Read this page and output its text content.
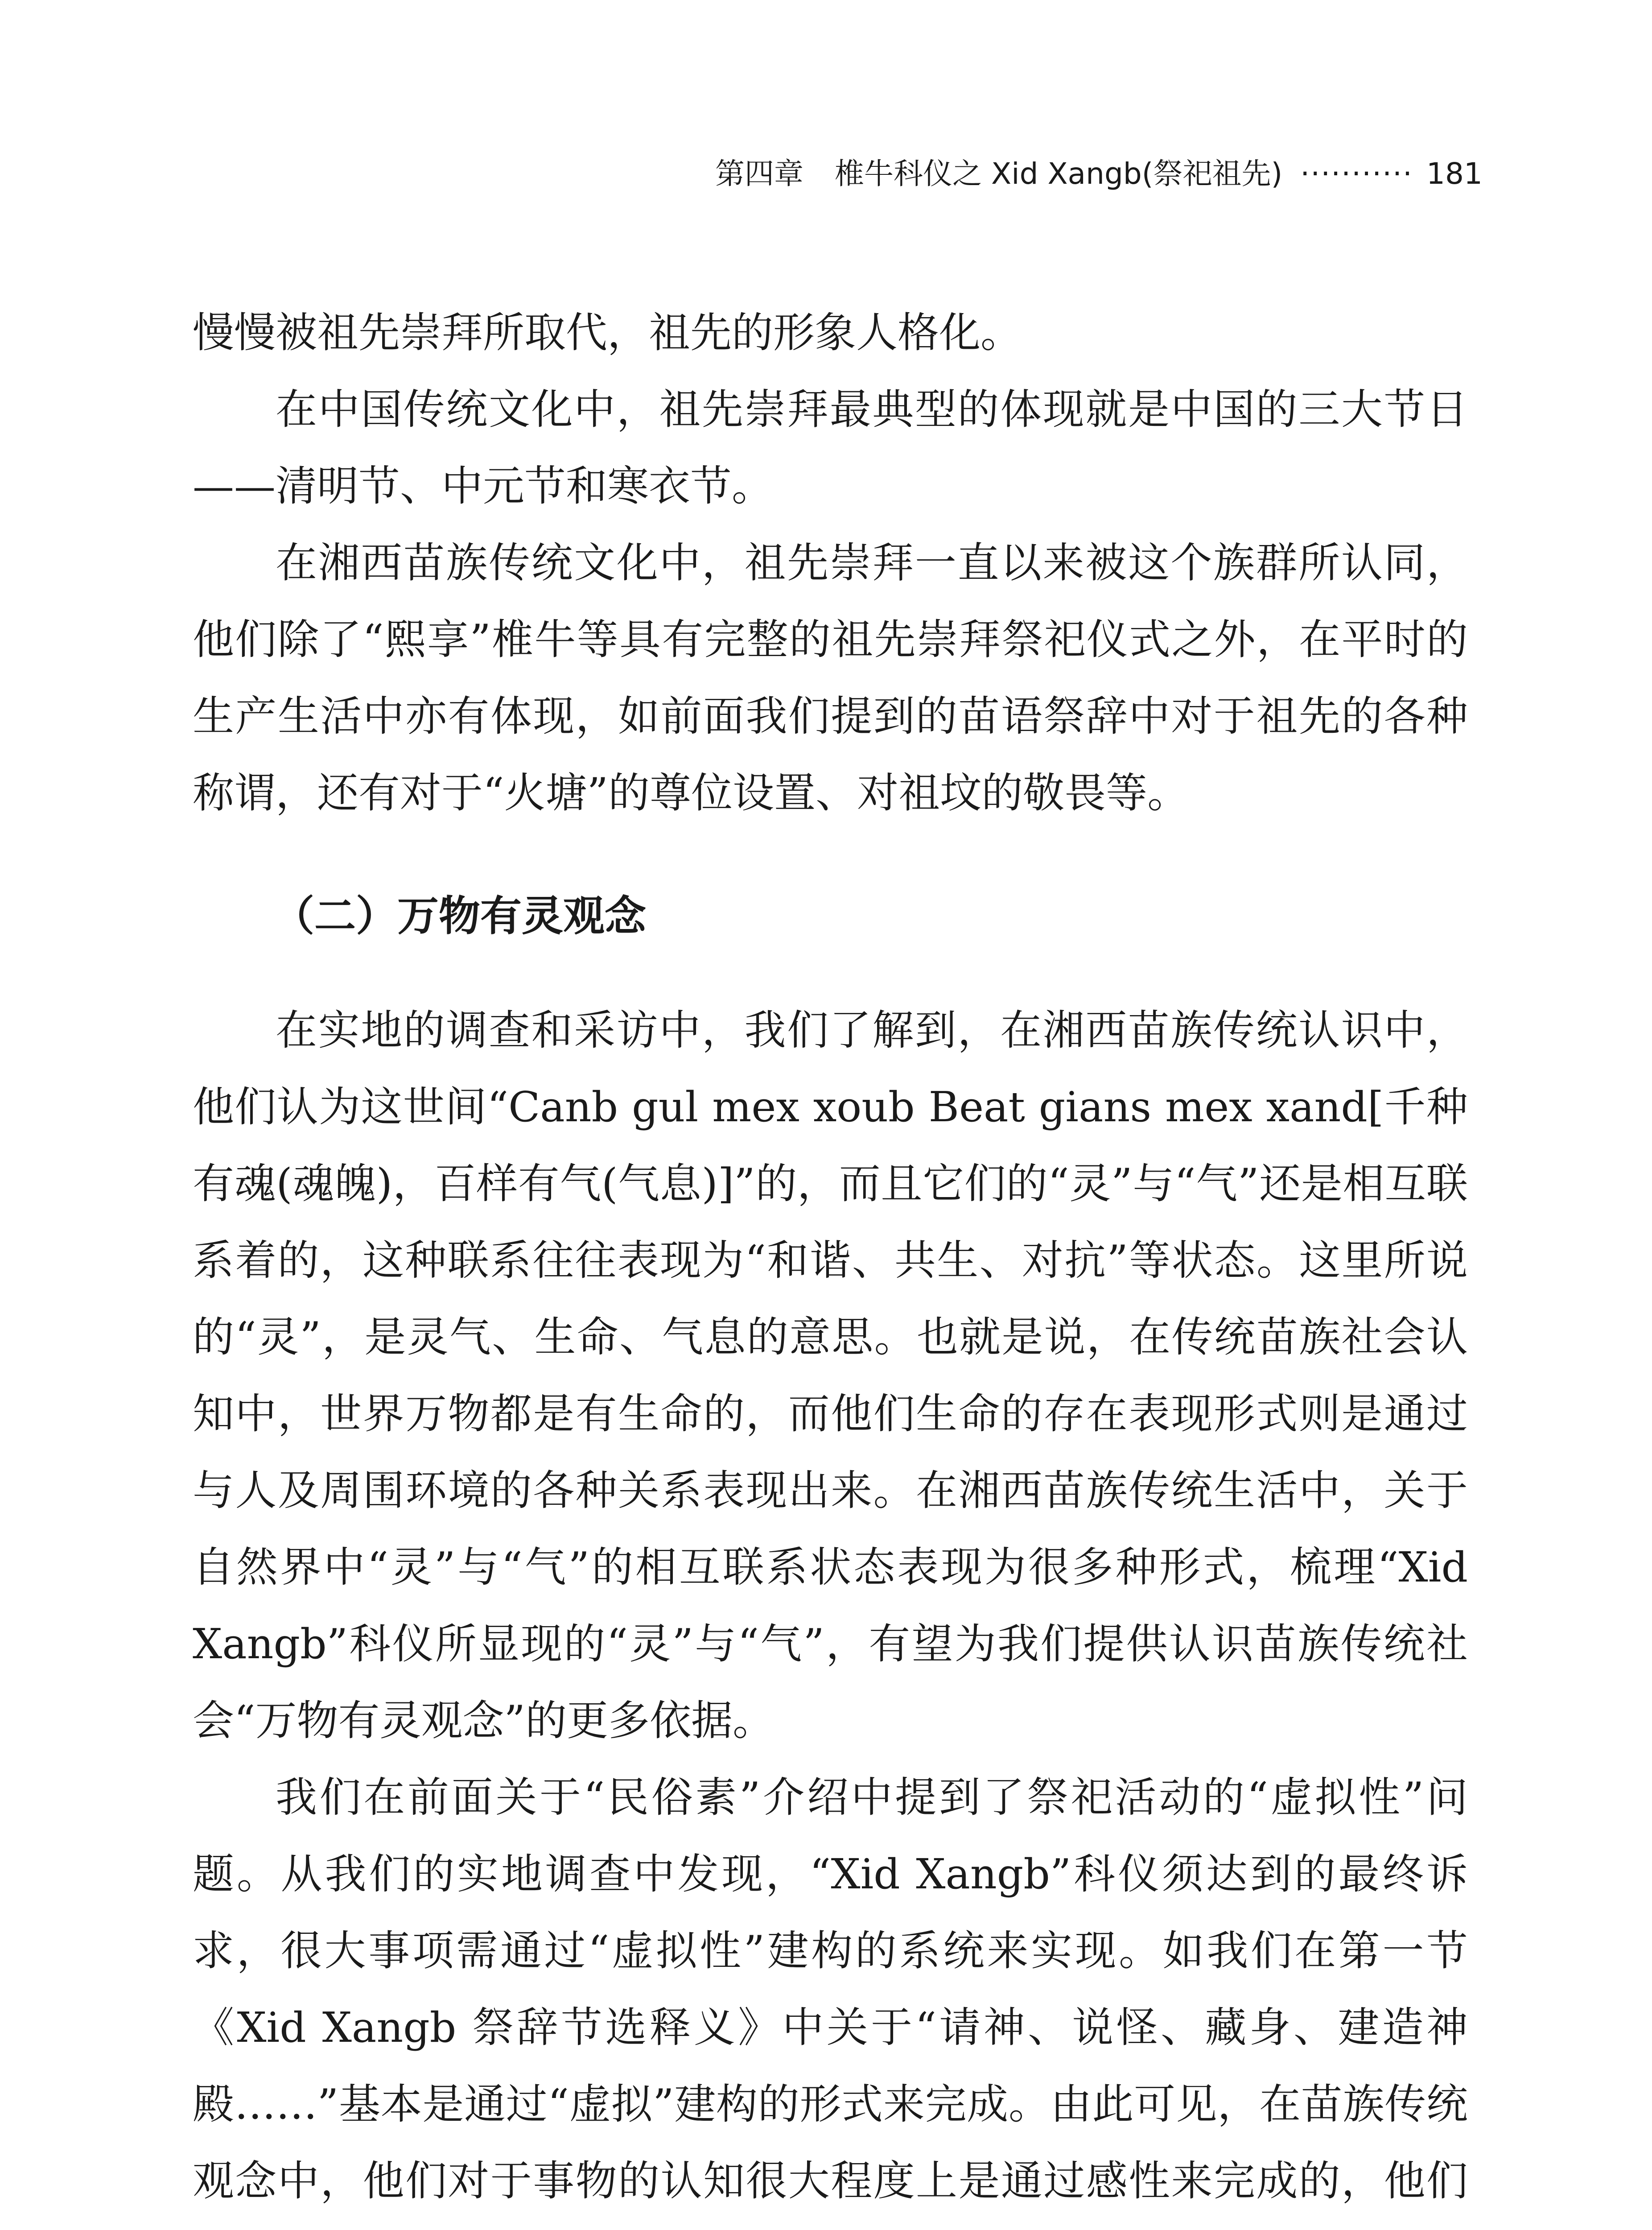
第四章 椎牛科仪之 Xid Xangb(祭祀祖先) ··········· 181

慢慢被祖先崇拜所取代，祖先的形象人格化。

在中国传统文化中，祖先崇拜最典型的体现就是中国的三大节日——清明节、中元节和寒衣节。

在湘西苗族传统文化中，祖先崇拜一直以来被这个族群所认同，他们除了“熙享”椎牛等具有完整的祖先崇拜祭祀仪式之外，在平时的生产生活中亦有体现，如前面我们提到的苗语祭辞中对于祖先的各种称谓，还有对于“火塘”的尊位设置、对祖坟的敬畏等。

（二）万物有灵观念

在实地的调查和采访中，我们了解到，在湘西苗族传统认识中，他们认为这世间“Canb gul mex xoub Beat gians mex xand[千种有魂(魂魄)，百样有气(气息)]”的，而且它们的“灵”与“气”还是相互联系着的，这种联系往往表现为“和谐、共生、对抗”等状态。这里所说的“灵”，是灵气、生命、气息的意思。也就是说，在传统苗族社会认知中，世界万物都是有生命的，而他们生命的存在表现形式则是通过与人及周围环境的各种关系表现出来。在湘西苗族传统生活中，关于自然界中“灵”与“气”的相互联系状态表现为很多种形式，梳理“Xid Xangb”科仪所显现的“灵”与“气”，有望为我们提供认识苗族传统社会“万物有灵观念”的更多依据。

我们在前面关于“民俗素”介绍中提到了祭祀活动的“虚拟性”问题。从我们的实地调查中发现，“Xid Xangb”科仪须达到的最终诉求，很大事项需通过“虚拟性”建构的系统来实现。如我们在第一节《Xid Xangb 祭辞节选释义》中关于“请神、说怪、藏身、建造神殿……”基本是通过“虚拟”建构的形式来完成。由此可见，在苗族传统观念中，他们对于事物的认知很大程度上是通过感性来完成的，他们
